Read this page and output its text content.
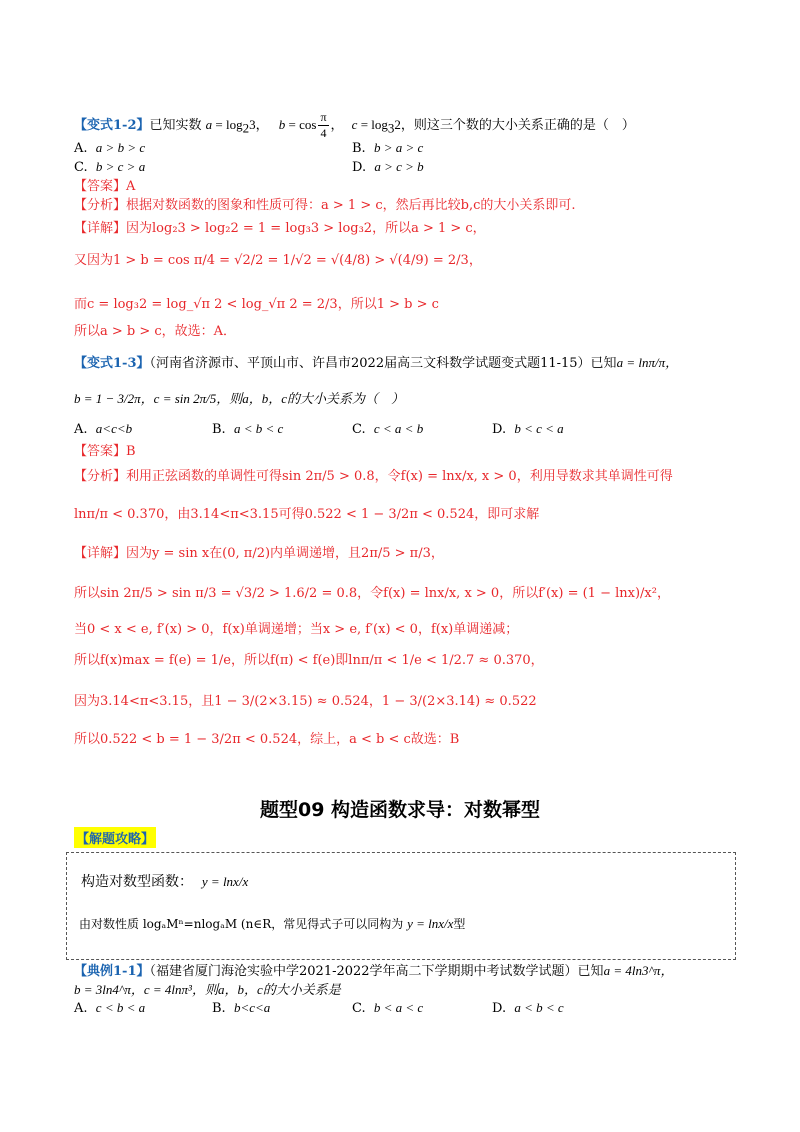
【变式1-2】已知实数 $a = \log_23$， $b = \cos \frac{\pi}{4}$ ， $c = \log_32$，则这三个数的大小关系正确的是（　）
A. a > b > c	B. b > a > c
C. b > c > a	D. a > c > b
【答案】A
【分析】根据对数函数的图象和性质可得：a > 1 > c，然后再比较b,c的大小关系即可.
【详解】因为log₂3 > log₂2 = 1 = log₃3 > log₃2，所以a > 1 > c，
又因为1 > b = cos π/4 = √2/2 = 1/√2 = √(4/8) > √(4/9) = 2/3，
而c = log₃2 = log_√π 2 < log_√π 2 = 2/3，所以1 > b > c
所以a > b > c，故选：A．
【变式1-3】（河南省济源市、平顶山市、许昌市2022届高三文科数学试题变式题11-15）已知a = lnπ/π，
b = 1 − 3/2π，c = sin 2π/5，则a，b，c的大小关系为（　）
A. a<c<b	B. a < b < c	C. c < a < b	D. b < c < a
【答案】B
【分析】利用正弦函数的单调性可得sin 2π/5 > 0.8，令f(x) = lnx/x, x > 0，利用导数求其单调性可得
lnπ/π < 0.370，由3.14<π<3.15可得0.522 < 1 − 3/2π < 0.524，即可求解
【详解】因为y = sin x在(0, π/2)内单调递增，且2π/5 > π/3，
所以sin 2π/5 > sin π/3 = √3/2 > 1.6/2 = 0.8，令f(x) = lnx/x, x > 0，所以f′(x) = (1 − lnx)/x²，
当0 < x < e, f′(x) > 0，f(x)单调递增；当x > e, f′(x) < 0，f(x)单调递减；
所以f(x)max = f(e) = 1/e，所以f(π) < f(e)即lnπ/π < 1/e < 1/2.7 ≈ 0.370，
因为3.14<π<3.15，且1 − 3/(2×3.15) ≈ 0.524，1 − 3/(2×3.14) ≈ 0.522
所以0.522 < b = 1 − 3/2π < 0.524，综上，a < b < c故选：B
题型09 构造函数求导：对数幂型
【解题攻略】
构造对数型函数： y = lnx/x
由对数性质 logₐMⁿ=nlogₐM (n∈R，常见得式子可以同构为 y = lnx/x型
【典例1-1】（福建省厦门海沧实验中学2021-2022学年高二下学期期中考试数学试题）已知a = 4ln3^π，
b = 3ln4^π，c = 4lnπ³，则a，b，c的大小关系是
A. c < b < a	B. b<c<a	C. b < a < c	D. a < b < c
